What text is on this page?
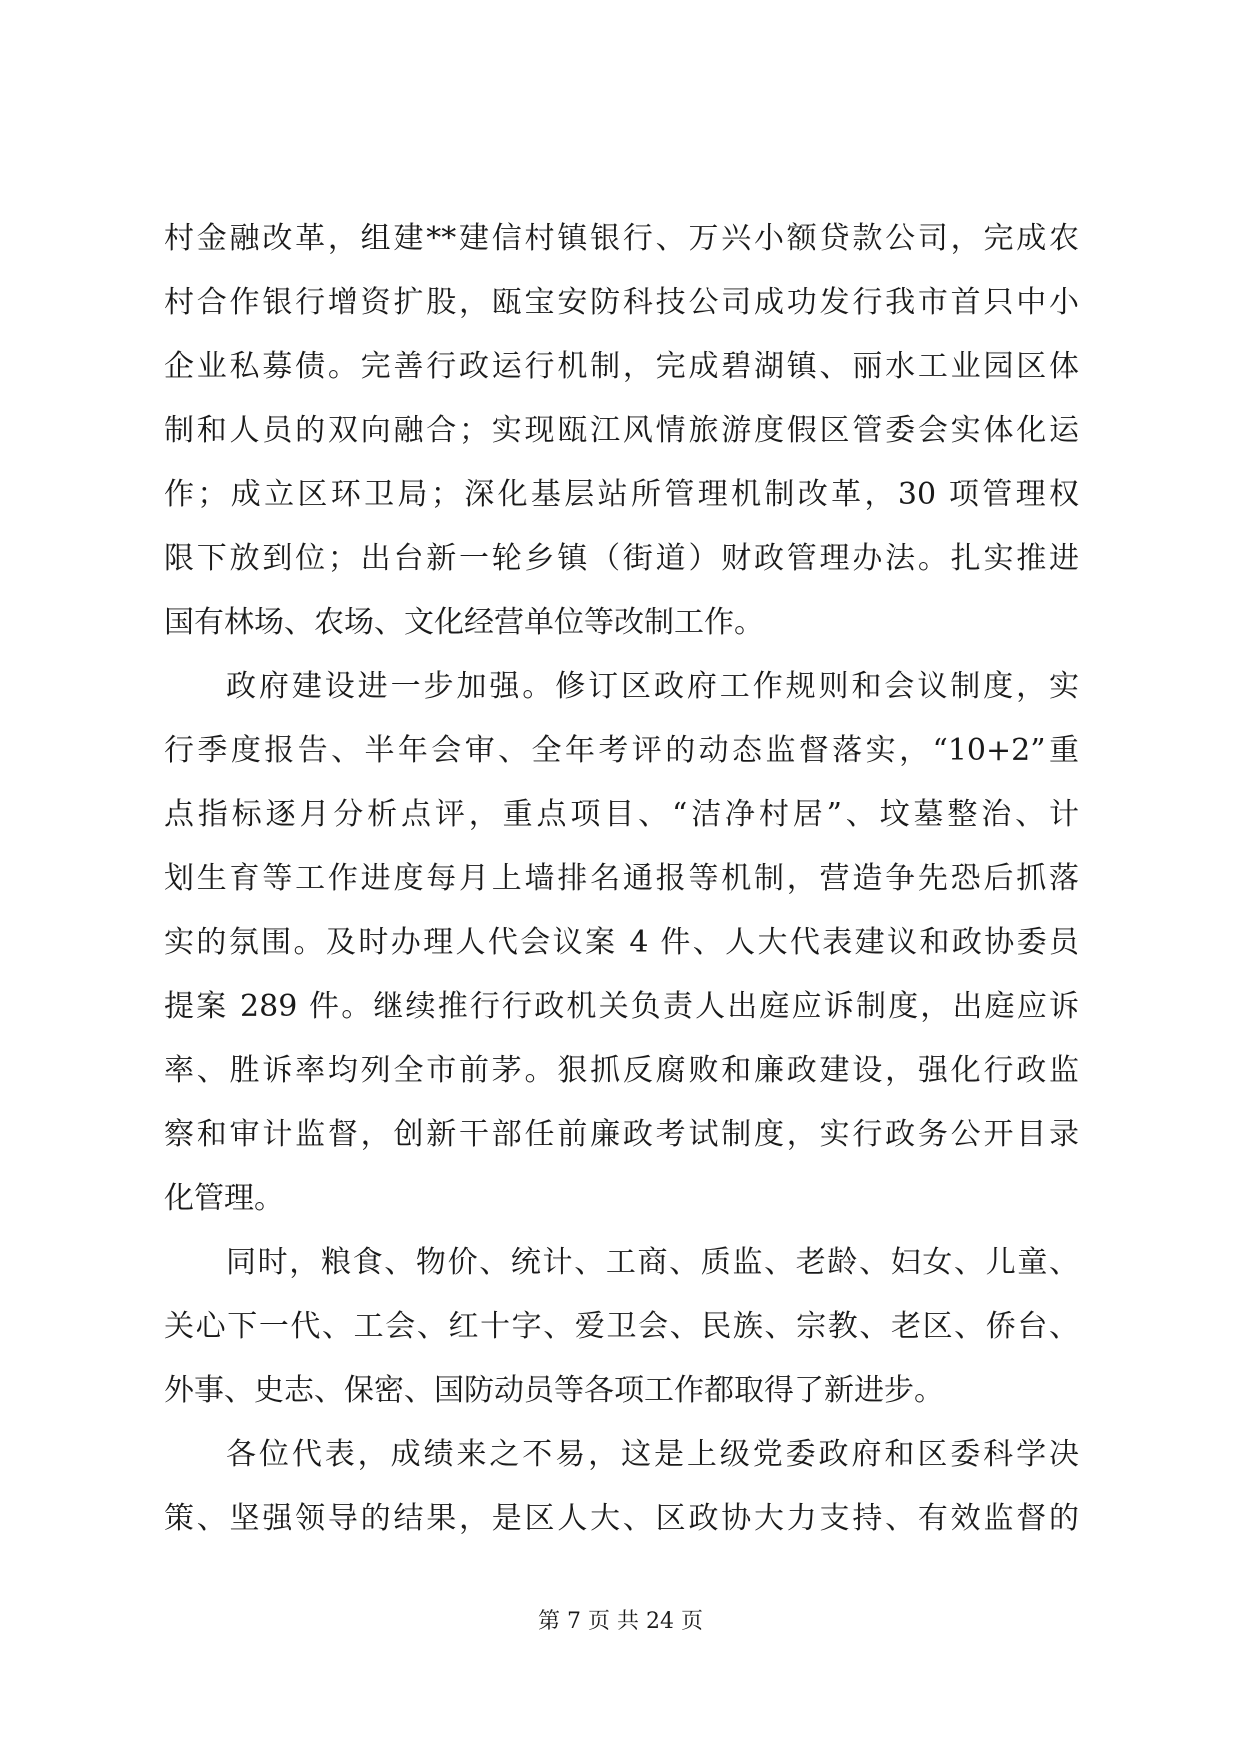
村金融改革，组建**建信村镇银行、万兴小额贷款公司，完成农
村合作银行增资扩股，瓯宝安防科技公司成功发行我市首只中小
企业私募债。完善行政运行机制，完成碧湖镇、丽水工业园区体
制和人员的双向融合；实现瓯江风情旅游度假区管委会实体化运
作；成立区环卫局；深化基层站所管理机制改革，30 项管理权
限下放到位；出台新一轮乡镇（街道）财政管理办法。扎实推进
国有林场、农场、文化经营单位等改制工作。
政府建设进一步加强。修订区政府工作规则和会议制度，实
行季度报告、半年会审、全年考评的动态监督落实，“10+2”重
点指标逐月分析点评，重点项目、“洁净村居”、坟墓整治、计
划生育等工作进度每月上墙排名通报等机制，营造争先恐后抓落
实的氛围。及时办理人代会议案 4 件、人大代表建议和政协委员
提案 289 件。继续推行行政机关负责人出庭应诉制度，出庭应诉
率、胜诉率均列全市前茅。狠抓反腐败和廉政建设，强化行政监
察和审计监督，创新干部任前廉政考试制度，实行政务公开目录
化管理。
同时，粮食、物价、统计、工商、质监、老龄、妇女、儿童、
关心下一代、工会、红十字、爱卫会、民族、宗教、老区、侨台、
外事、史志、保密、国防动员等各项工作都取得了新进步。
各位代表，成绩来之不易，这是上级党委政府和区委科学决
策、坚强领导的结果，是区人大、区政协大力支持、有效监督的
第 7 页 共 24 页
